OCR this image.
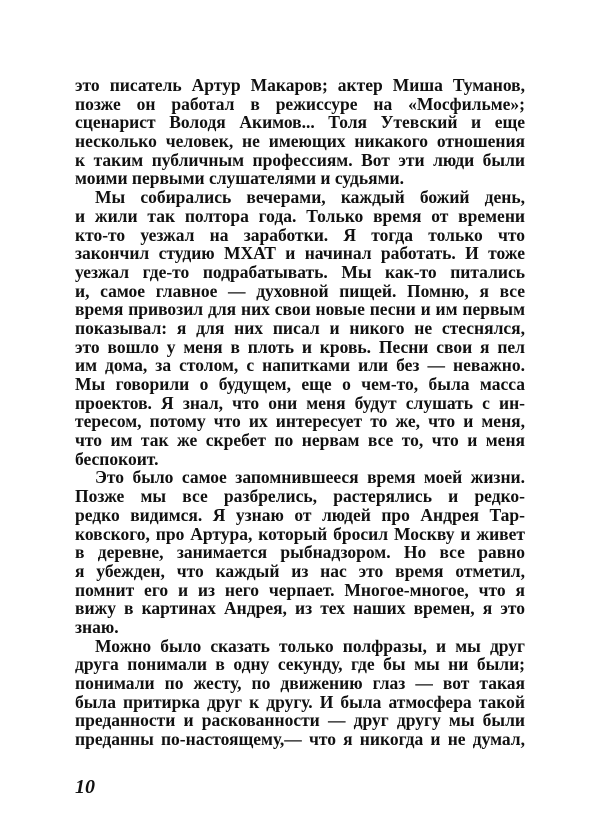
это писатель Артур Макаров; актер Миша Туманов,
позже он работал в режиссуре на «Мосфильме»;
сценарист Володя Акимов... Толя Утевский и еще
несколько человек, не имеющих никакого отношения
к таким публичным профессиям. Вот эти люди были
моими первыми слушателями и судьями.
Мы собирались вечерами, каждый божий день,
и жили так полтора года. Только время от времени
кто-то уезжал на заработки. Я тогда только что
закончил студию МХАТ и начинал работать. И тоже
уезжал где-то подрабатывать. Мы как-то питались
и, самое главное — духовной пищей. Помню, я все
время привозил для них свои новые песни и им первым
показывал: я для них писал и никого не стеснялся,
это вошло у меня в плоть и кровь. Песни свои я пел
им дома, за столом, с напитками или без — неважно.
Мы говорили о будущем, еще о чем-то, была масса
проектов. Я знал, что они меня будут слушать с ин-
тересом, потому что их интересует то же, что и меня,
что им так же скребет по нервам все то, что и меня
беспокоит.
Это было самое запомнившееся время моей жизни.
Позже мы все разбрелись, растерялись и редко-
редко видимся. Я узнаю от людей про Андрея Тар-
ковского, про Артура, который бросил Москву и живет
в деревне, занимается рыбнадзором. Но все равно
я убежден, что каждый из нас это время отметил,
помнит его и из него черпает. Многое-многое, что я
вижу в картинах Андрея, из тех наших времен, я это
знаю.
Можно было сказать только полфразы, и мы друг
друга понимали в одну секунду, где бы мы ни были;
понимали по жесту, по движению глаз — вот такая
была притирка друг к другу. И была атмосфера такой
преданности и раскованности — друг другу мы были
преданны по-настоящему,— что я никогда и не думал,
10
